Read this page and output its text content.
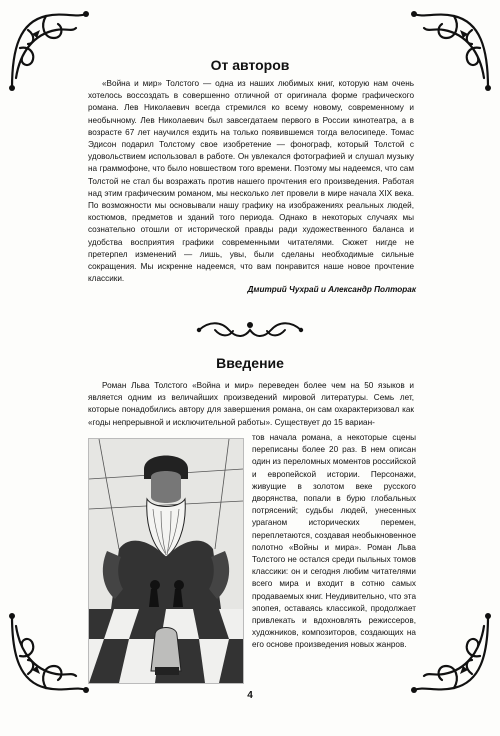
От авторов
«Война и мир» Толстого — одна из наших любимых книг, которую нам очень хотелось воссоздать в совершенно отличной от оригинала форме графического романа. Лев Николаевич всегда стремился ко всему новому, современному и необычному. Лев Николаевич был завсегдатаем первого в России кинотеатра, а в возрасте 67 лет научился ездить на только появившемся тогда велосипеде. Томас Эдисон подарил Толстому свое изобретение — фонограф, который Толстой с удовольствием использовал в работе. Он увлекался фотографией и слушал музыку на граммофоне, что было новшеством того времени. Поэтому мы надеемся, что сам Толстой не стал бы возражать против нашего прочтения его произведения. Работая над этим графическим романом, мы несколько лет провели в мире начала XIX века. По возможности мы основывали нашу графику на изображениях реальных людей, костюмов, предметов и зданий того периода. Однако в некоторых случаях мы сознательно отошли от исторической правды ради художественного баланса и удобства восприятия графики современными читателями. Сюжет нигде не претерпел изменений — лишь, увы, были сделаны необходимые сильные сокращения. Мы искренне надеемся, что вам понравится наше новое прочтение классики.
Дмитрий Чухрай и Александр Полторак
Введение
Роман Льва Толстого «Война и мир» переведен более чем на 50 языков и является одним из величайших произведений мировой литературы. Семь лет, которые понадобились автору для завершения романа, он сам охарактеризовал как «годы непрерывной и исключительной работы». Существует до 15 вариан-
тов начала романа, а некоторые сцены переписаны более 20 раз. В нем описан один из переломных моментов российской и европейской истории. Персонажи, живущие в золотом веке русского дворянства, попали в бурю глобальных потрясений; судьбы людей, унесенных ураганом исторических перемен, переплетаются, создавая необыкновенное полотно «Войны и мира». Роман Льва Толстого не остался среди пыльных томов классики: он и сегодня любим читателями всего мира и входит в сотню самых продаваемых книг. Неудивительно, что эта эпопея, оставаясь классикой, продолжает привлекать и вдохновлять режиссеров, художников, композиторов, создающих на его основе произведения новых жанров.
4
